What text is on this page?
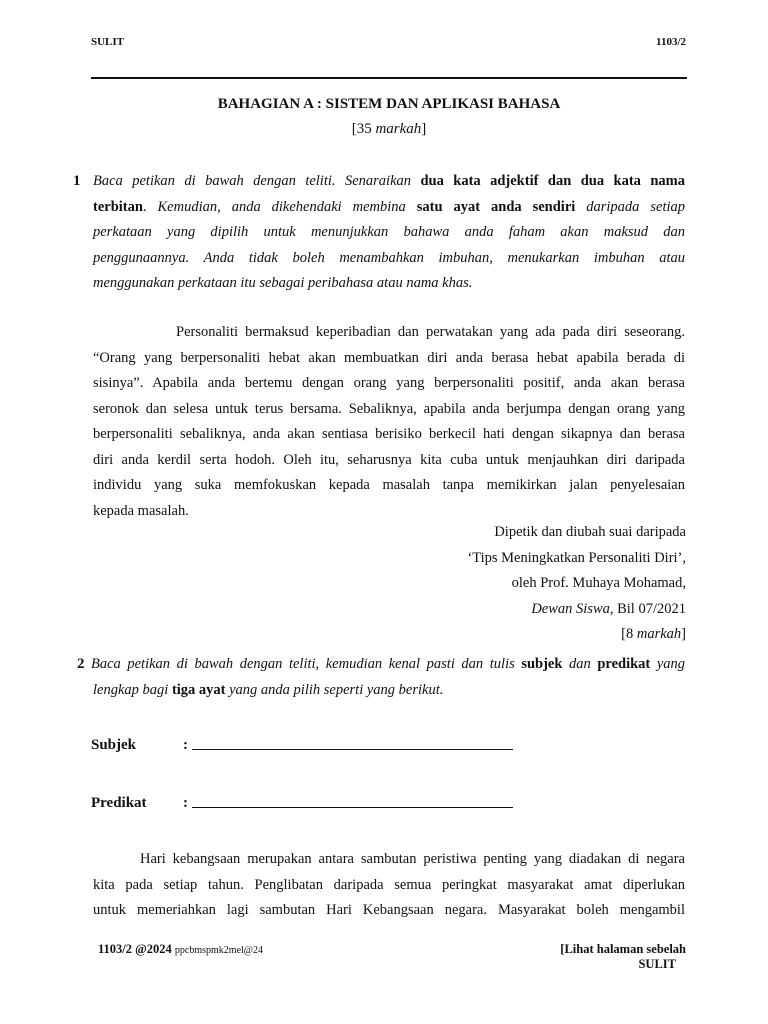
SULIT	1103/2
BAHAGIAN A : SISTEM DAN APLIKASI BAHASA
[35 markah]
1 Baca petikan di bawah dengan teliti. Senaraikan dua kata adjektif dan dua kata nama
terbitan. Kemudian, anda dikehendaki membina satu ayat anda sendiri daripada setiap
perkataan yang dipilih untuk menunjukkan bahawa anda faham akan maksud dan
penggunaannya. Anda tidak boleh menambahkan imbuhan, menukarkan imbuhan atau
menggunakan perkataan itu sebagai peribahasa atau nama khas.
Personaliti bermaksud keperibadian dan perwatakan yang ada pada diri seseorang.
“Orang yang berpersonaliti hebat akan membuatkan diri anda berasa hebat apabila berada di
sisinya”. Apabila anda bertemu dengan orang yang berpersonaliti positif, anda akan berasa
seronok dan selesa untuk terus bersama. Sebaliknya, apabila anda berjumpa dengan orang yang
berpersonaliti sebaliknya, anda akan sentiasa berisiko berkecil hati dengan sikapnya dan berasa
diri anda kerdil serta hodoh. Oleh itu, seharusnya kita cuba untuk menjauhkan diri daripada
individu yang suka memfokuskan kepada masalah tanpa memikirkan jalan penyelesaian
kepada masalah.
Dipetik dan diubah suai daripada
‘Tips Meningkatkan Personaliti Diri’,
oleh Prof. Muhaya Mohamad,
Dewan Siswa, Bil 07/2021
[8 markah]
2 Baca petikan di bawah dengan teliti, kemudian kenal pasti dan tulis subjek dan predikat yang
lengkap bagi tiga ayat yang anda pilih seperti yang berikut.
Subjek	:
Predikat :
Hari kebangsaan merupakan antara sambutan peristiwa penting yang diadakan di negara
kita pada setiap tahun. Penglibatan daripada semua peringkat masyarakat amat diperlukan
untuk memeriahkan lagi sambutan Hari Kebangsaan negara. Masyarakat boleh mengambil
1103/2 @2024 ppcbmspmk2mel@24	[Lihat halaman sebelah
SULIT
